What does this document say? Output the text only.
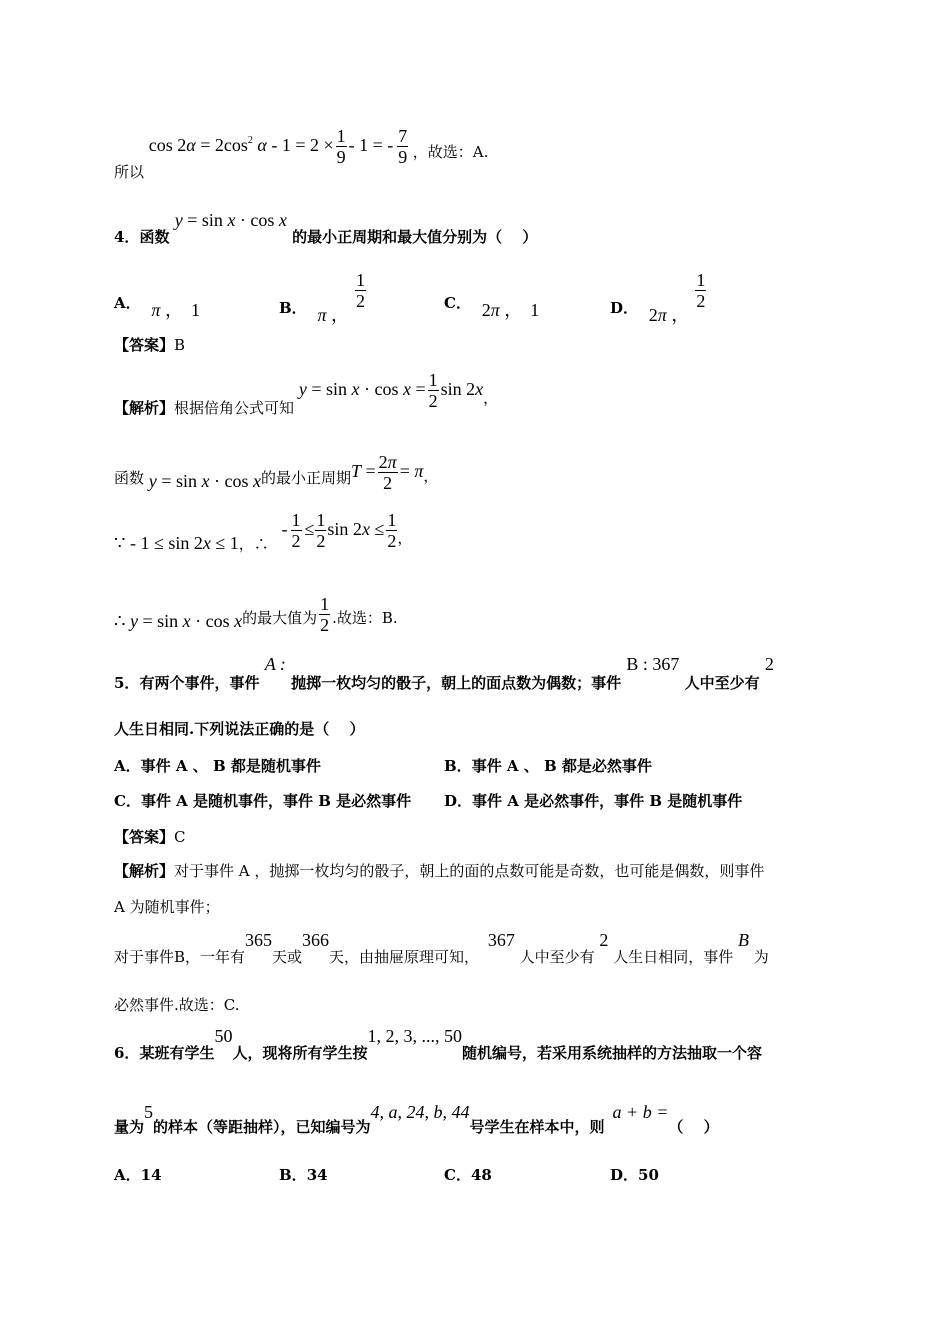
所以 $\cos 2\alpha = 2\cos^2$ $\alpha - 1 = 2 \times \frac{1}{9} - 1$ = - $\frac{7}{9}$ ，故选：A.
4．函数 y = sin x · cos x 的最小正周期和最大值分别为（　 ）
A． π ， 1	B． π ，
$\frac{1}{2}$	C． 2π ， 1	D． 2π ，
$\frac{1}{2}$
【答案】B
【解析】根据倍角公式可知 $y = \sin x \cdot \cos x = \frac{1}{2}$ sin 2x，
函数 y = sin x · cos x的最小正周期$T = \frac{2\pi}{2} = \pi$，
∵ - 1 ≤ sin 2x ≤ 1，∴ - $\frac{1}{2} \le \frac{1}{2}$ $\sin 2x \le \frac{1}{2}$ ，
∴ y = sin x · cos x的最大值为 $\frac{1}{2}$ .故选：B.
5．有两个事件，事件 A : 抛掷一枚均匀的骰子，朝上的面点数为偶数；事件 B : 367 人中至少有 2
人生日相同.下列说法正确的是（　 ）
A．事件 A 、 B 都是随机事件	B．事件 A 、 B 都是必然事件
C．事件 A 是随机事件，事件 B 是必然事件 D．事件 A 是必然事件，事件 B 是随机事件
【答案】C
【解析】对于事件 A ，抛掷一枚均匀的骰子，朝上的面的点数可能是奇数，也可能是偶数，则事件
A 为随机事件；
对于事件B，一年有365天或366天，由抽屉原理可知， 367 人中至少有 2 人生日相同，事件 B 为
必然事件.故选：C.
6．某班有学生50人，现将所有学生按1, 2, 3, ..., 50随机编号，若采用系统抽样的方法抽取一个容
量为5的样本（等距抽样），已知编号为4, a, 24, b, 44号学生在样本中，则a + b =（　 ）
A．14	B．34	C．48	D．50
